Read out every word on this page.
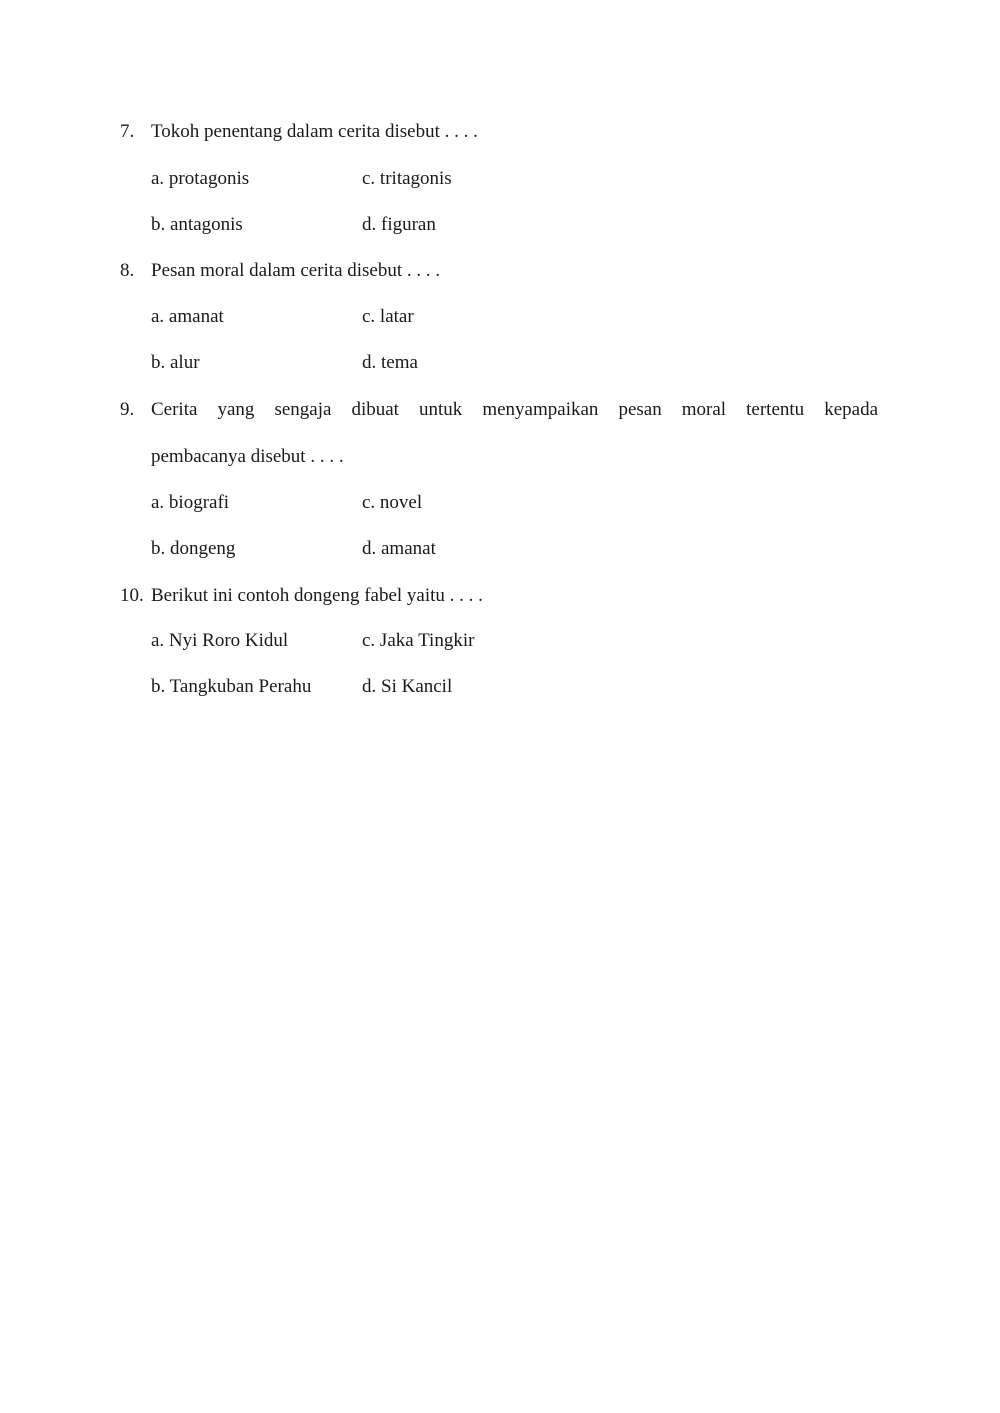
7. Tokoh penentang dalam cerita disebut . . . .
a. protagonis	c. tritagonis
b. antagonis	d. figuran
8. Pesan moral dalam cerita disebut . . . .
a. amanat	c. latar
b. alur	d. tema
9. Cerita yang sengaja dibuat untuk menyampaikan pesan moral tertentu kepada
pembacanya disebut . . . .
a. biografi	c. novel
b. dongeng	d. amanat
10. Berikut ini contoh dongeng fabel yaitu . . . .
a. Nyi Roro Kidul	c. Jaka Tingkir
b. Tangkuban Perahu	d. Si Kancil
